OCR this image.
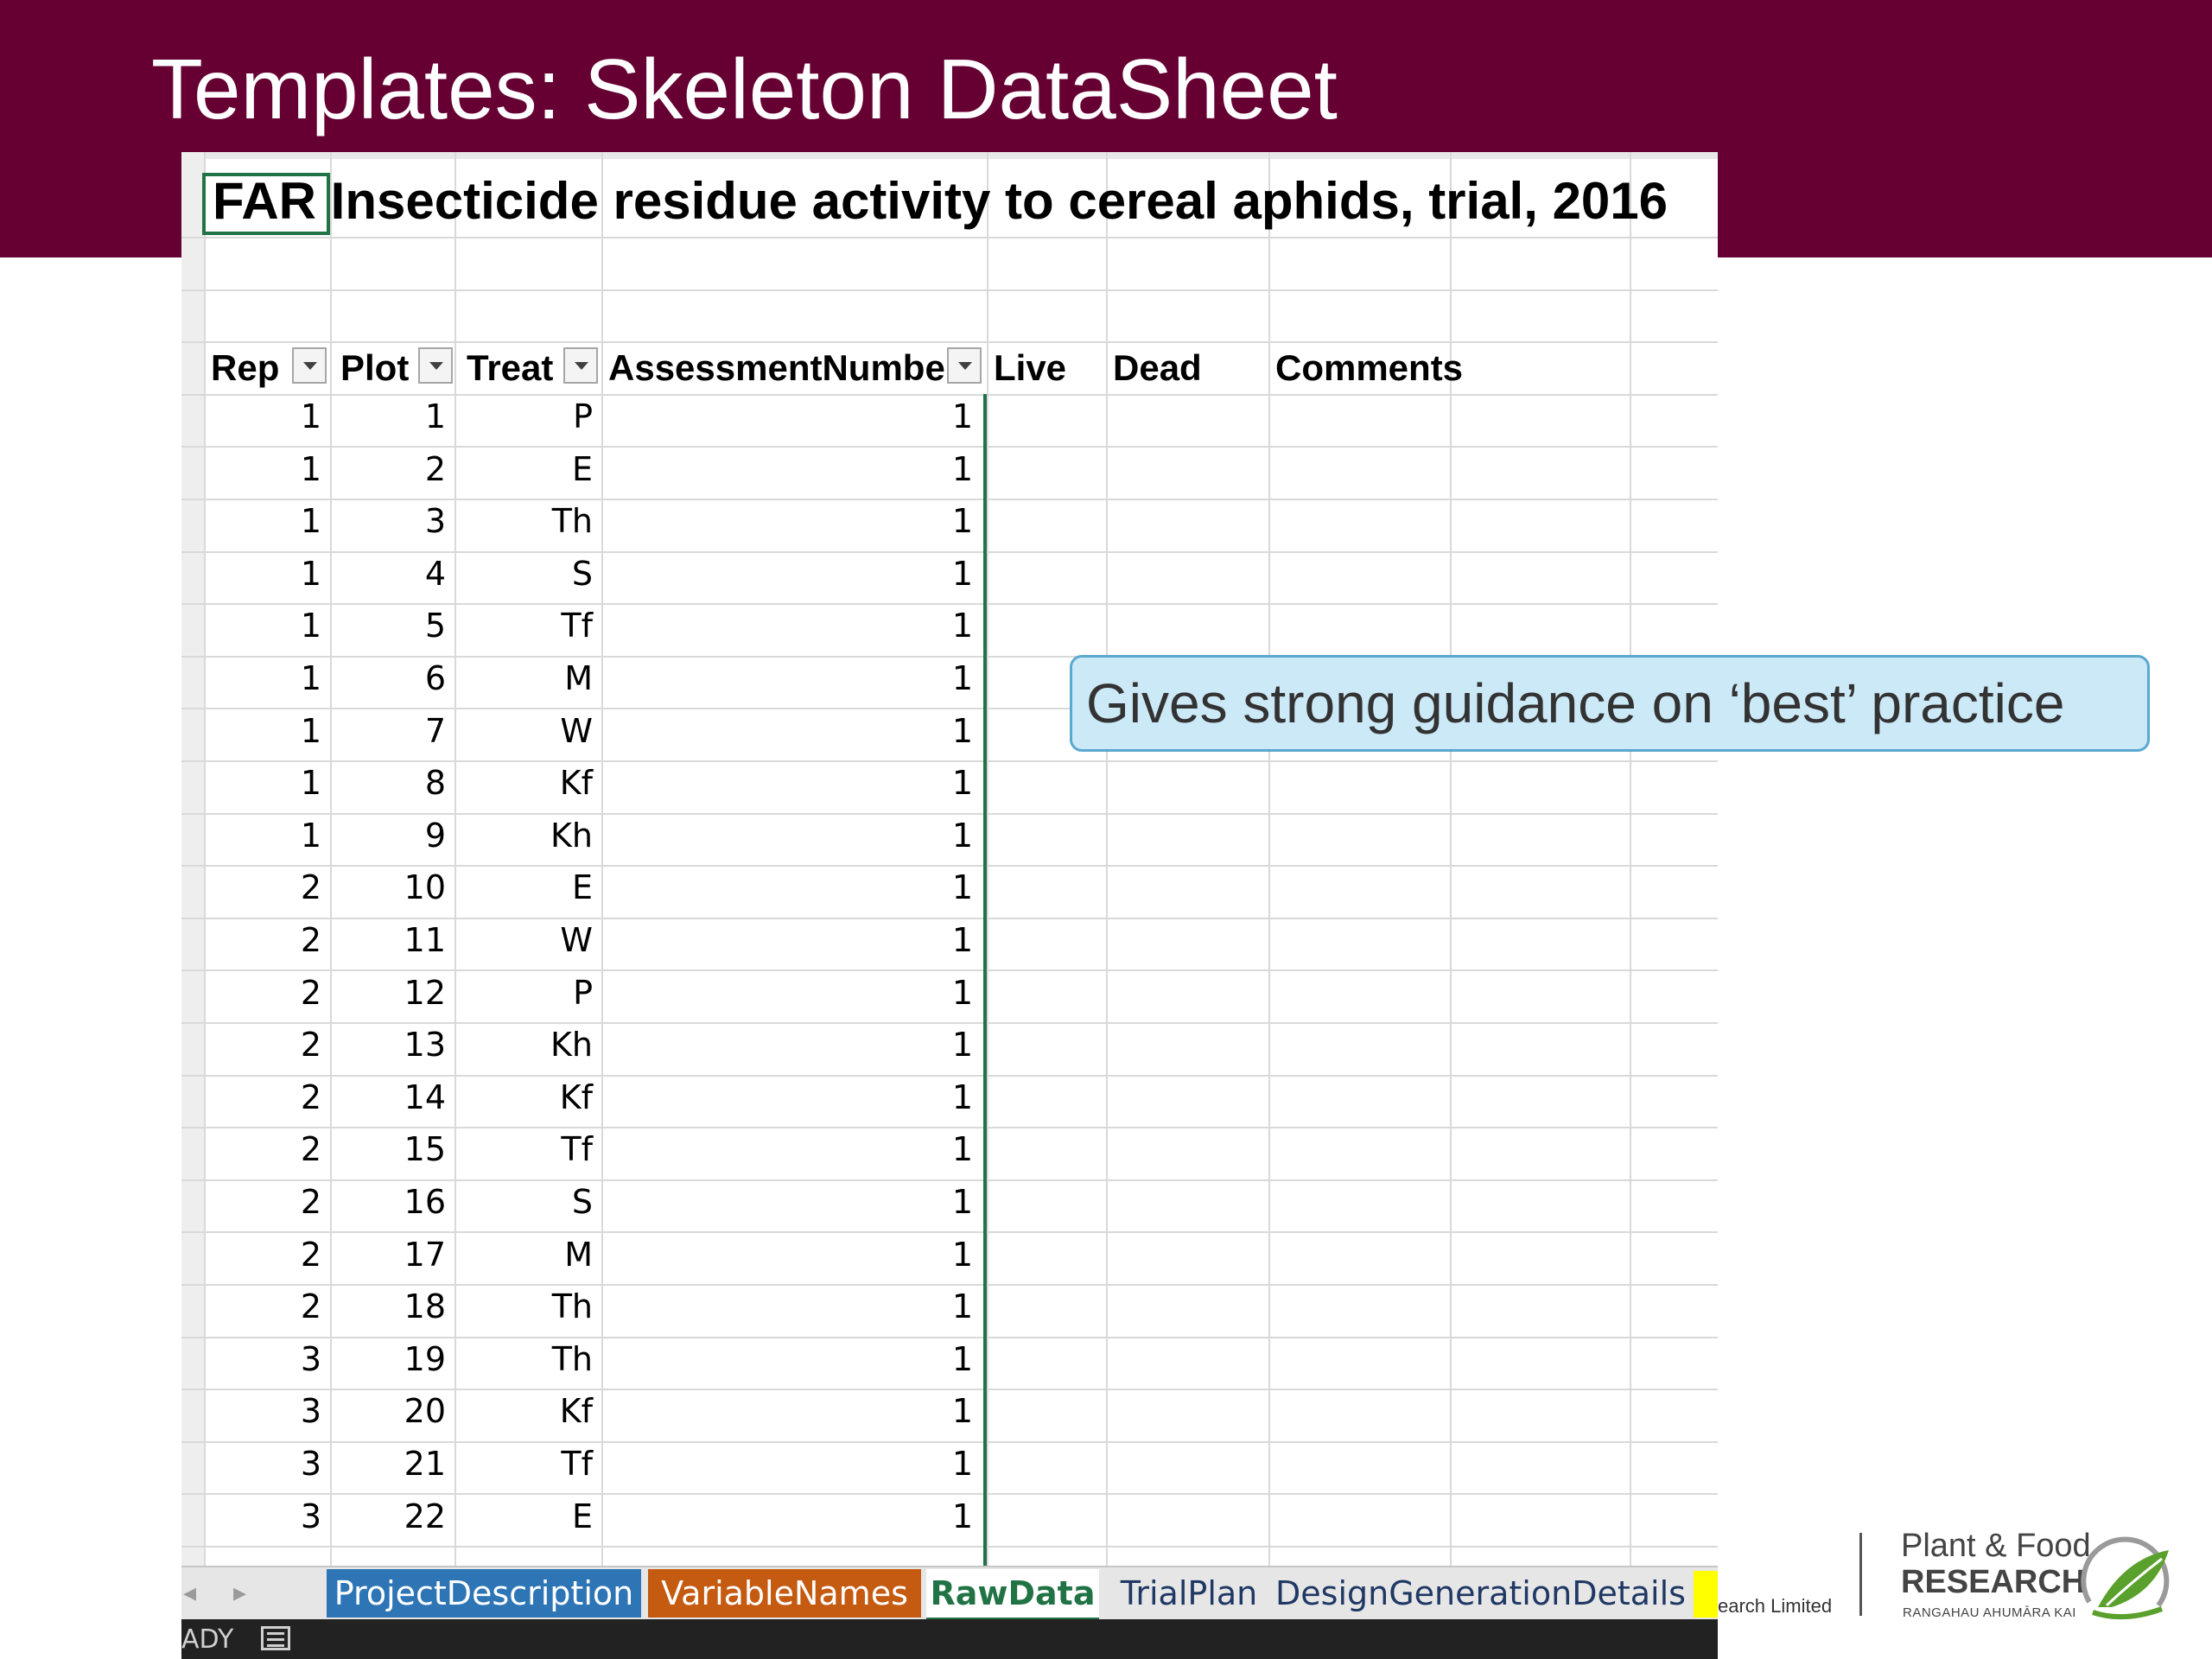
Templates: Skeleton DataSheet
FAR Insecticide residue activity to cereal aphids, trial, 2016
Rep Plot Treat AssessmentNumbe Live Dead Comments
1	1	P	1
1	2	E	1
1	3	Th	1
1	4	S	1
1	5	Tf	1
1	6	M	1
1	7	W	1
1	8	Kf	1
1	9	Kh	1
2	10	E	1
2	11	W	1
2	12	P	1
2	13	Kh	1
2	14	Kf	1
2	15	Tf	1
2	16	S	1
2	17	M	1
2	18	Th	1
3	19	Th	1
3	20	Kf	1
3	21	Tf	1
3	22	E	1
Gives strong guidance on ‘best’ practice
◂ ▸	ProjectDescription VariableNames RawData TrialPlan DesignGenerationDetails
ADY
earch Limited
Plant & Food
RESEARCH
RANGAHAU AHUMĀRA KAI
